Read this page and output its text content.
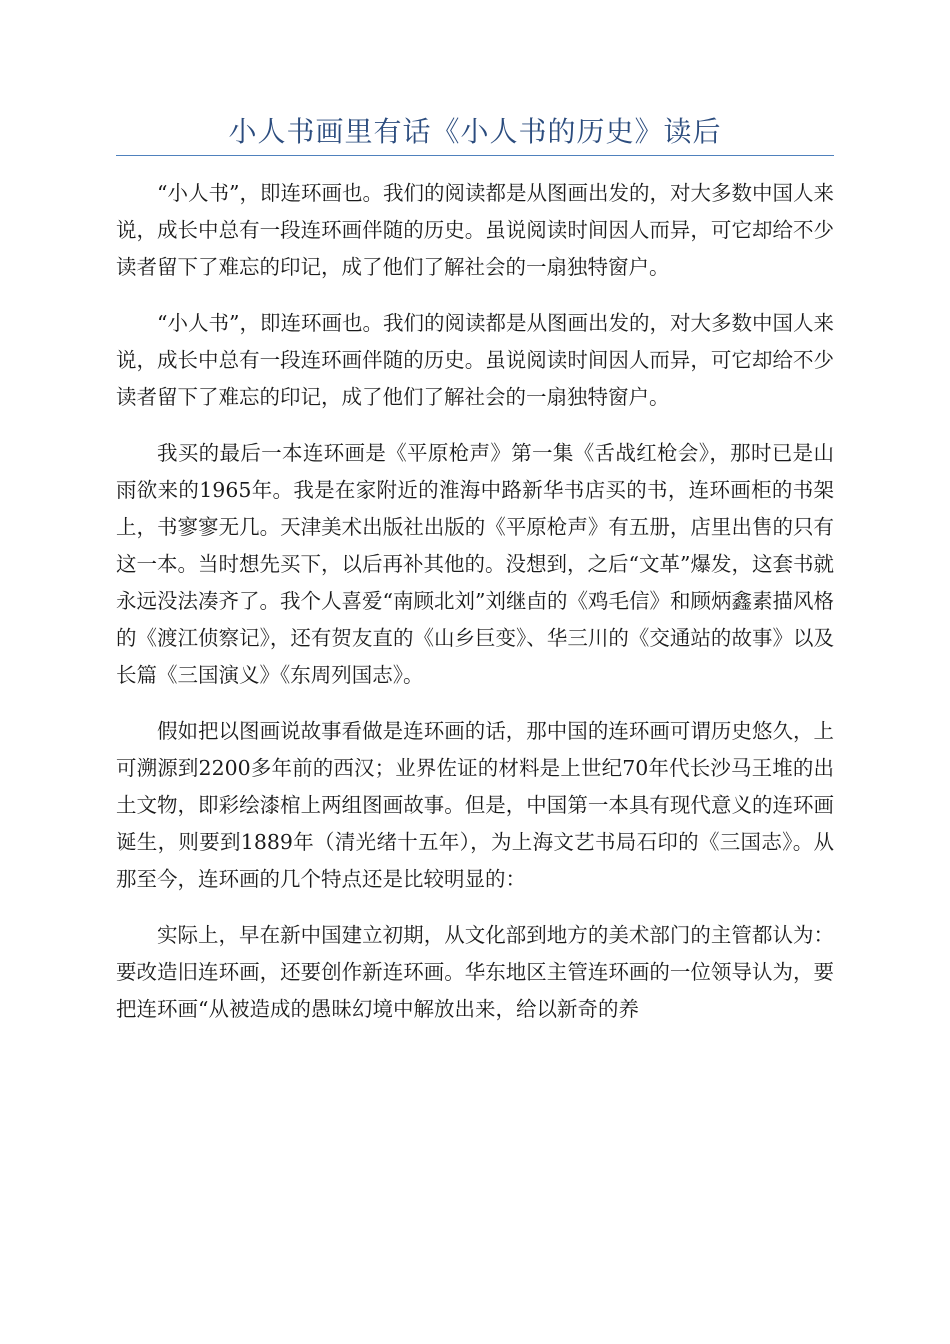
小人书画里有话《小人书的历史》读后

“小人书”，即连环画也。我们的阅读都是从图画出发的，对大多数中国人来说，成长中总有一段连环画伴随的历史。虽说阅读时间因人而异，可它却给不少读者留下了难忘的印记，成了他们了解社会的一扇独特窗户。

“小人书”，即连环画也。我们的阅读都是从图画出发的，对大多数中国人来说，成长中总有一段连环画伴随的历史。虽说阅读时间因人而异，可它却给不少读者留下了难忘的印记，成了他们了解社会的一扇独特窗户。

我买的最后一本连环画是《平原枪声》第一集《舌战红枪会》，那时已是山雨欲来的1965年。我是在家附近的淮海中路新华书店买的书，连环画柜的书架上，书寥寥无几。天津美术出版社出版的《平原枪声》有五册，店里出售的只有这一本。当时想先买下，以后再补其他的。没想到，之后“文革”爆发，这套书就永远没法凑齐了。我个人喜爱“南顾北刘”刘继卣的《鸡毛信》和顾炳鑫素描风格的《渡江侦察记》，还有贺友直的《山乡巨变》、华三川的《交通站的故事》以及长篇《三国演义》《东周列国志》。

假如把以图画说故事看做是连环画的话，那中国的连环画可谓历史悠久，上可溯源到2200多年前的西汉；业界佐证的材料是上世纪70年代长沙马王堆的出土文物，即彩绘漆棺上两组图画故事。但是，中国第一本具有现代意义的连环画诞生，则要到1889年（清光绪十五年），为上海文艺书局石印的《三国志》。从那至今，连环画的几个特点还是比较明显的：

实际上，早在新中国建立初期，从文化部到地方的美术部门的主管都认为：要改造旧连环画，还要创作新连环画。华东地区主管连环画的一位领导认为，要把连环画“从被造成的愚昧幻境中解放出来，给以新奇的养
